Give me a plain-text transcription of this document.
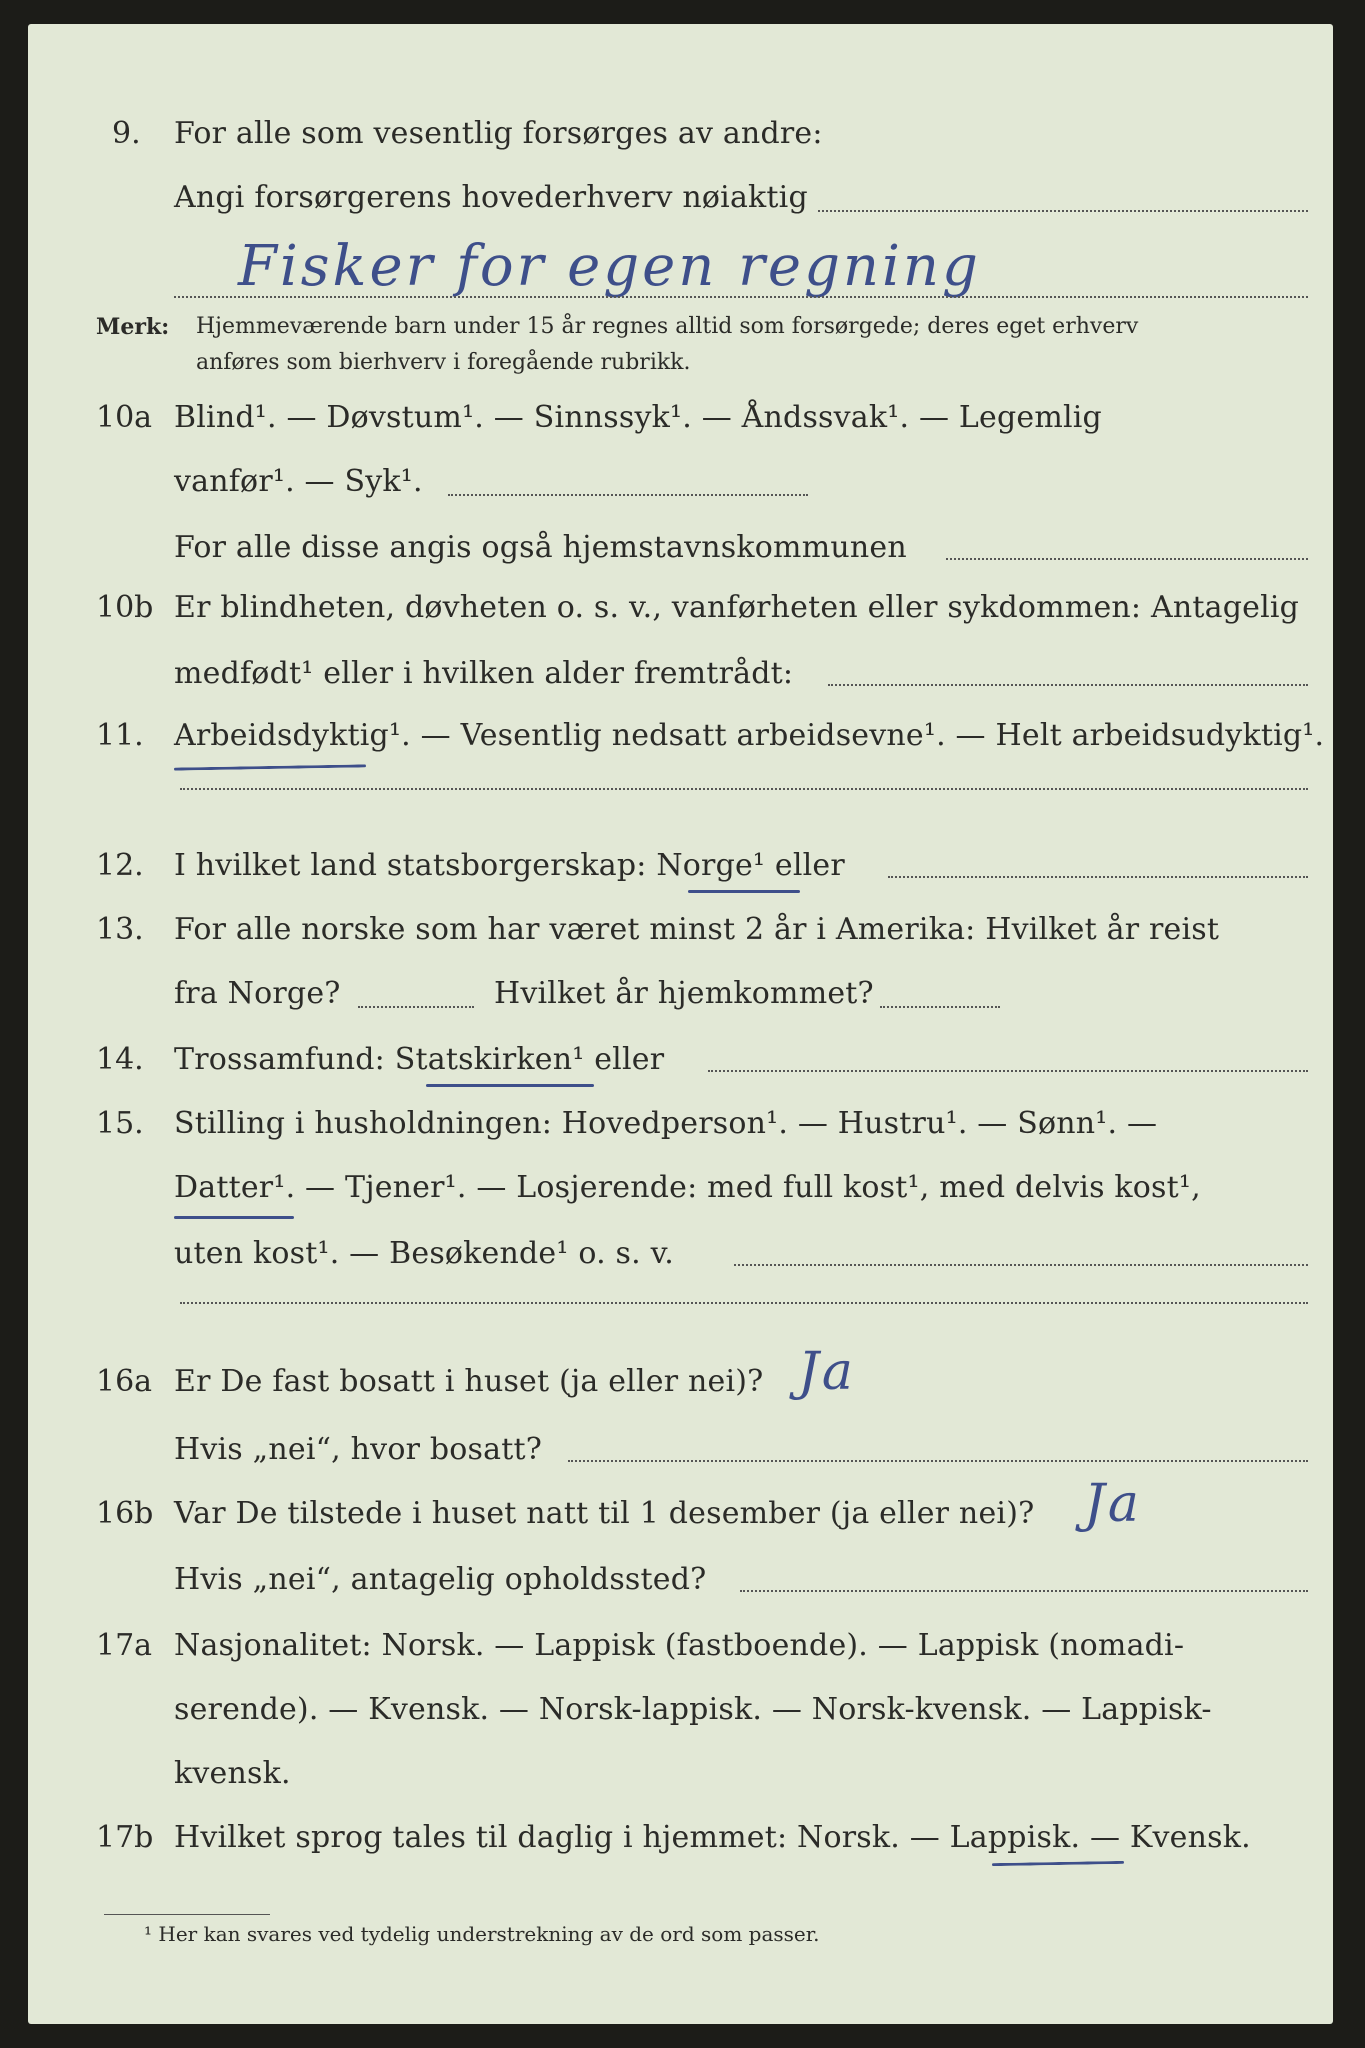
9. For alle som vesentlig forsørges av andre:
Angi forsørgerens hovederhverv nøiaktig
Fisker for egen regning
Merk: Hjemmeværende barn under 15 år regnes alltid som forsørgede; deres eget erhverv
anføres som bierhverv i foregående rubrikk.
10a Blind¹. — Døvstum¹. — Sinnssyk¹. — Åndssvak¹. — Legemlig
vanfør¹. — Syk¹.
For alle disse angis også hjemstavnskommunen
10b Er blindheten, døvheten o. s. v., vanførheten eller sykdommen: Antagelig
medfødt¹ eller i hvilken alder fremtrådt:
11. Arbeidsdyktig¹. — Vesentlig nedsatt arbeidsevne¹. — Helt arbeidsudyktig¹.
12. I hvilket land statsborgerskap: Norge¹ eller
13. For alle norske som har været minst 2 år i Amerika: Hvilket år reist
fra Norge?	Hvilket år hjemkommet?
14. Trossamfund: Statskirken¹ eller
15. Stilling i husholdningen: Hovedperson¹. — Hustru¹. — Sønn¹. —
Datter¹. — Tjener¹. — Losjerende: med full kost¹, med delvis kost¹,
uten kost¹. — Besøkende¹ o. s. v.
16a Er De fast bosatt i huset (ja eller nei)? Ja
Hvis „nei“, hvor bosatt?
16b Var De tilstede i huset natt til 1 desember (ja eller nei)? Ja
Hvis „nei“, antagelig opholdssted?
17a Nasjonalitet: Norsk. — Lappisk (fastboende). — Lappisk (nomadi-
serende). — Kvensk. — Norsk-lappisk. — Norsk-kvensk. — Lappisk-
kvensk.
17b Hvilket sprog tales til daglig i hjemmet: Norsk. — Lappisk. — Kvensk.
¹ Her kan svares ved tydelig understrekning av de ord som passer.
